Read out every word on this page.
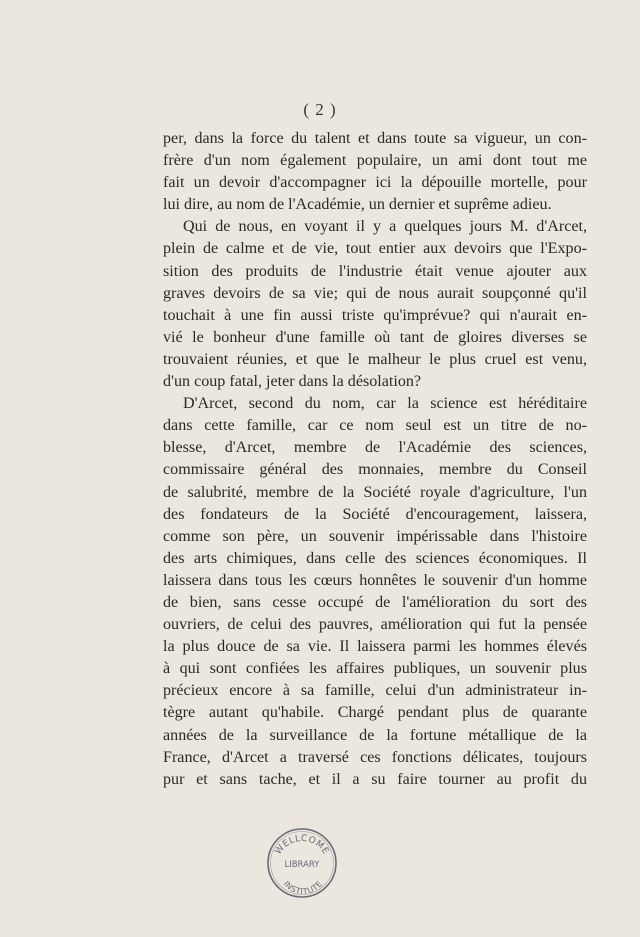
( 2 )
per, dans la force du talent et dans toute sa vigueur, un con-
frère d'un nom également populaire, un ami dont tout me
fait un devoir d'accompagner ici la dépouille mortelle, pour
lui dire, au nom de l'Académie, un dernier et suprême adieu.
Qui de nous, en voyant il y a quelques jours M. d'Arcet,
plein de calme et de vie, tout entier aux devoirs que l'Expo-
sition des produits de l'industrie était venue ajouter aux
graves devoirs de sa vie; qui de nous aurait soupçonné qu'il
touchait à une fin aussi triste qu'imprévue? qui n'aurait en-
vié le bonheur d'une famille où tant de gloires diverses se
trouvaient réunies, et que le malheur le plus cruel est venu,
d'un coup fatal, jeter dans la désolation?
D'Arcet, second du nom, car la science est héréditaire
dans cette famille, car ce nom seul est un titre de no-
blesse, d'Arcet, membre de l'Académie des sciences,
commissaire général des monnaies, membre du Conseil
de salubrité, membre de la Société royale d'agriculture, l'un
des fondateurs de la Société d'encouragement, laissera,
comme son père, un souvenir impérissable dans l'histoire
des arts chimiques, dans celle des sciences économiques. Il
laissera dans tous les cœurs honnêtes le souvenir d'un homme
de bien, sans cesse occupé de l'amélioration du sort des
ouvriers, de celui des pauvres, amélioration qui fut la pensée
la plus douce de sa vie. Il laissera parmi les hommes élevés
à qui sont confiées les affaires publiques, un souvenir plus
précieux encore à sa famille, celui d'un administrateur in-
tègre autant qu'habile. Chargé pendant plus de quarante
années de la surveillance de la fortune métallique de la
France, d'Arcet a traversé ces fonctions délicates, toujours
pur et sans tache, et il a su faire tourner au profit du
WELLCOME
LIBRARY
INSTITUTE
